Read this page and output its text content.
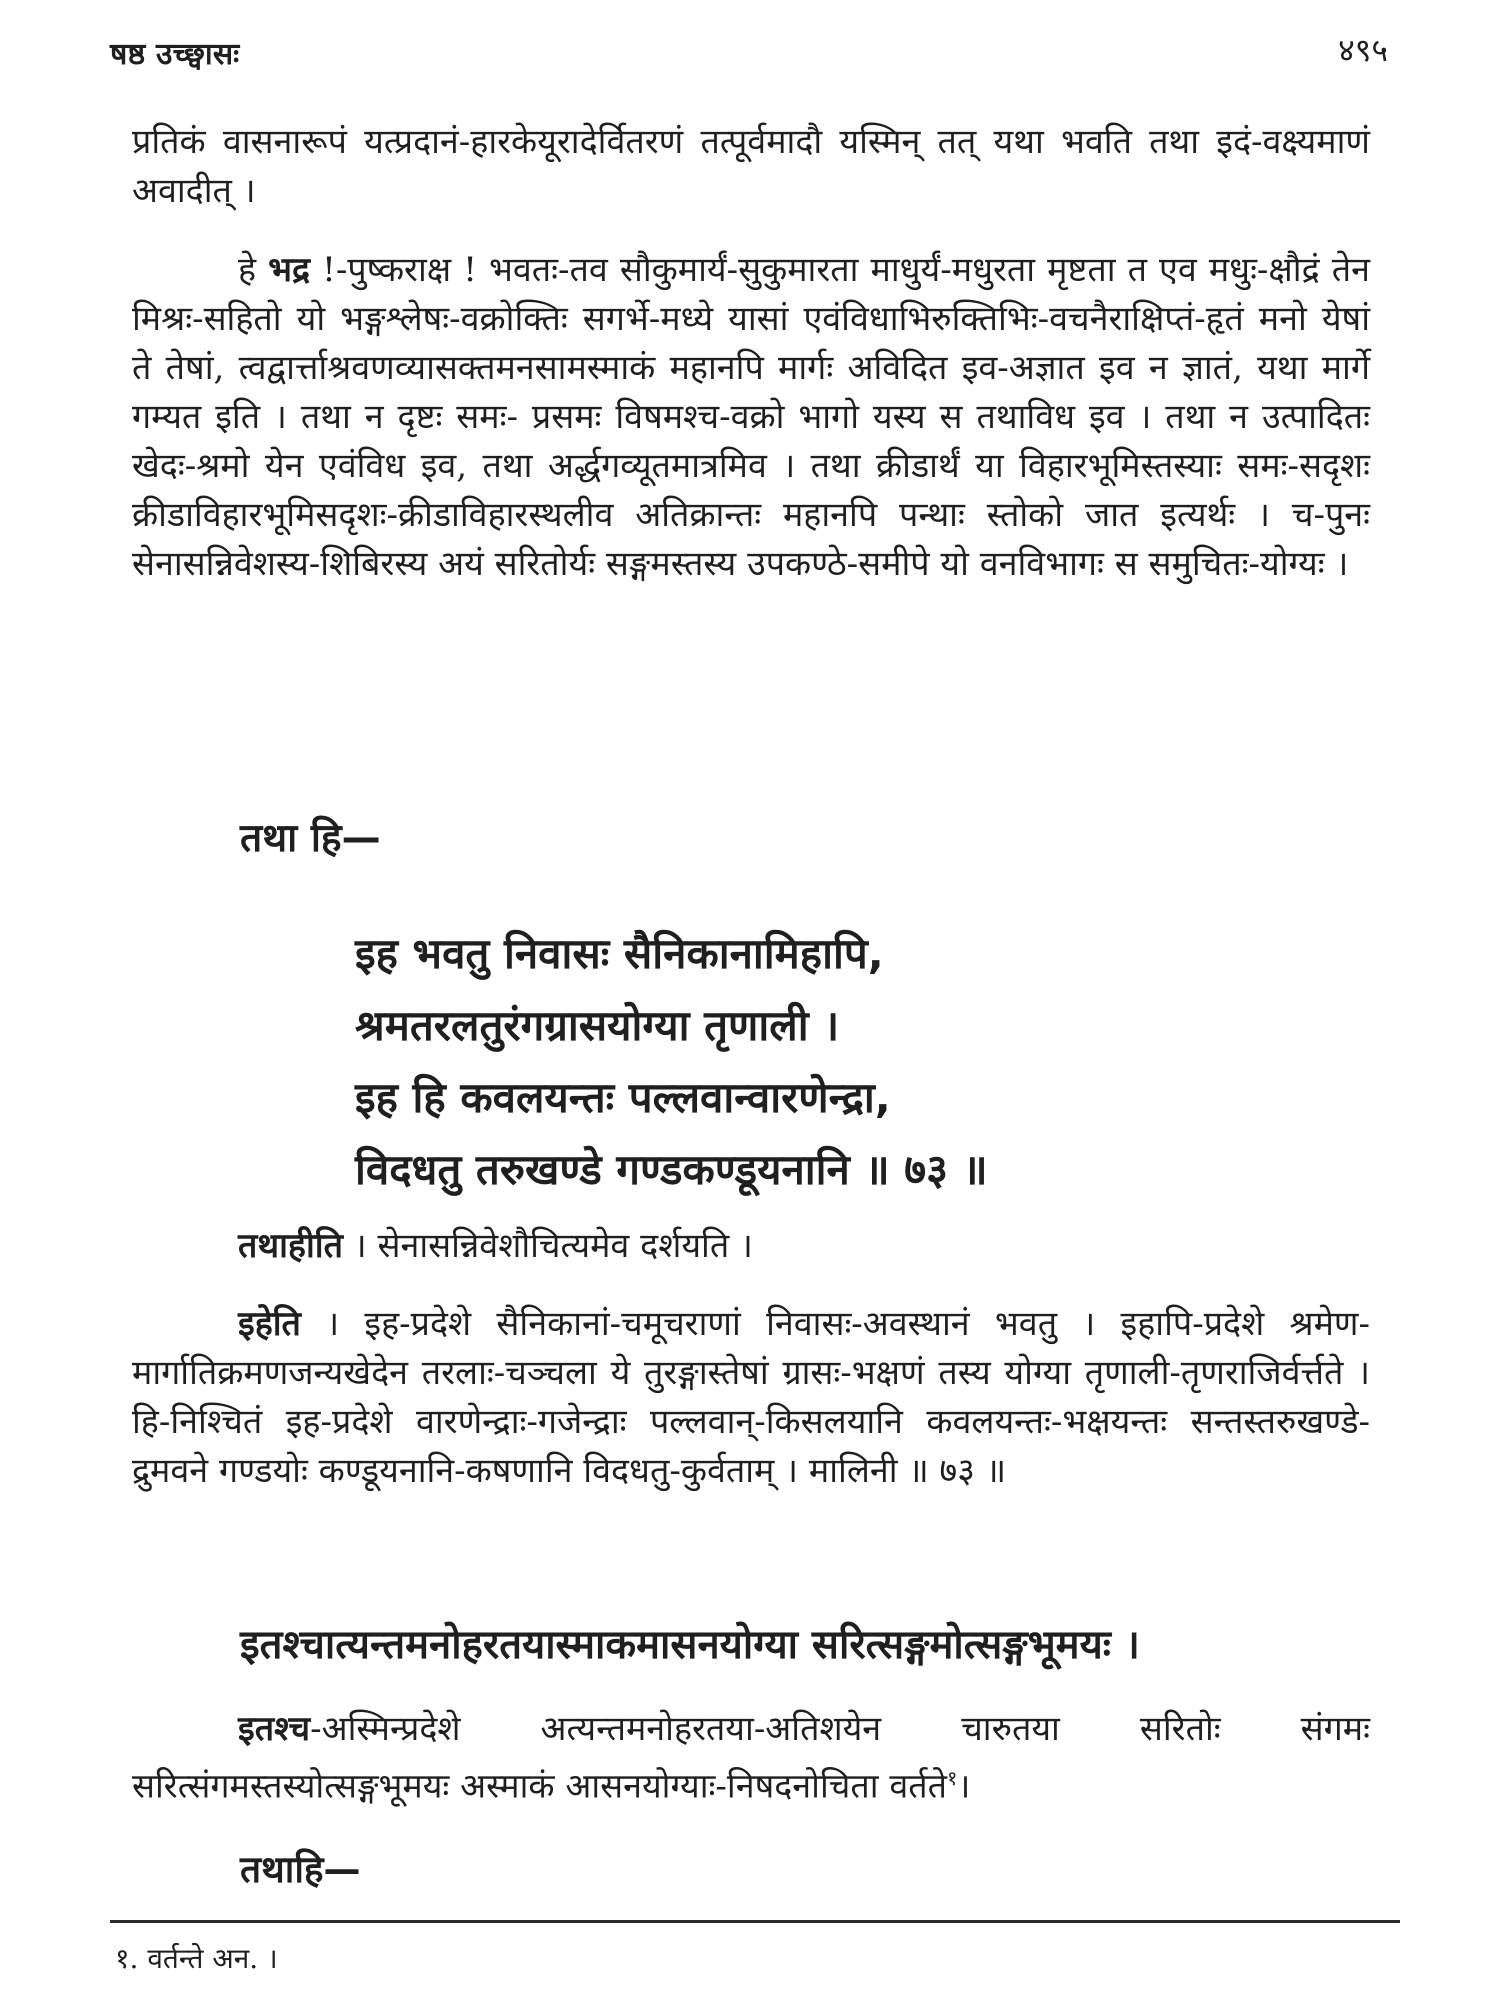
षष्ठ उच्छ्वासः	४९५

प्रतिकं वासनारूपं यत्प्रदानं-हारकेयूरादेर्वितरणं तत्पूर्वमादौ यस्मिन् तत् यथा भवति तथा इदं-वक्ष्यमाणं अवादीत् ।

हे भद्र !-पुष्कराक्ष ! भवतः-तव सौकुमार्यं-सुकुमारता माधुर्यं-मधुरता मृष्टता त एव मधुः-क्षौद्रं तेन मिश्रः-सहितो यो भङ्गश्लेषः-वक्रोक्तिः सगर्भे-मध्ये यासां एवंविधाभिरुक्तिभिः-वचनैराक्षिप्तं-हृतं मनो येषां ते तेषां, त्वद्वार्त्ताश्रवणव्यासक्तमनसामस्माकं महानपि मार्गः अविदित इव-अज्ञात इव न ज्ञातं, यथा मार्गे गम्यत इति । तथा न दृष्टः समः- प्रसमः विषमश्च-वक्रो भागो यस्य स तथाविध इव । तथा न उत्पादितः खेदः-श्रमो येन एवंविध इव, तथा अर्द्धगव्यूतमात्रमिव । तथा क्रीडार्थं या विहारभूमिस्तस्याः समः-सदृशः क्रीडाविहारभूमिसदृशः-क्रीडाविहारस्थलीव अतिक्रान्तः महानपि पन्थाः स्तोको जात इत्यर्थः । च-पुनः सेनासन्निवेशस्य-शिबिरस्य अयं सरितोर्यः सङ्गमस्तस्य उपकण्ठे-समीपे यो वनविभागः स समुचितः-योग्यः ।

तथा हि—
इह भवतु निवासः सैनिकानामिहापि,
श्रमतरलतुरंगग्रासयोग्या तृणाली ।
इह हि कवलयन्तः पल्लवान्वारणेन्द्रा,
विदधतु तरुखण्डे गण्डकण्डूयनानि ॥ ७३ ॥

तथाहीति । सेनासन्निवेशौचित्यमेव दर्शयति ।

इहेति । इह-प्रदेशे सैनिकानां-चमूचराणां निवासः-अवस्थानं भवतु । इहापि-प्रदेशे श्रमेण-मार्गातिक्रमणजन्यखेदेन तरलाः-चञ्चला ये तुरङ्गास्तेषां ग्रासः-भक्षणं तस्य योग्या तृणाली-तृणराजिर्वर्त्तते । हि-निश्चितं इह-प्रदेशे वारणेन्द्राः-गजेन्द्राः पल्लवान्-किसलयानि कवलयन्तः-भक्षयन्तः सन्तस्तरुखण्डे-द्रुमवने गण्डयोः कण्डूयनानि-कषणानि विदधतु-कुर्वताम् । मालिनी ॥ ७३ ॥

इतश्चात्यन्तमनोहरतयास्माकमासनयोग्या सरित्सङ्गमोत्सङ्गभूमयः ।

इतश्च-अस्मिन्प्रदेशे अत्यन्तमनोहरतया-अतिशयेन चारुतया सरितोः संगमः सरित्संगमस्तस्योत्सङ्गभूमयः अस्माकं आसनयोग्याः-निषदनोचिता वर्तते$^१$।

तथाहि—

१. वर्तन्ते अन. ।
